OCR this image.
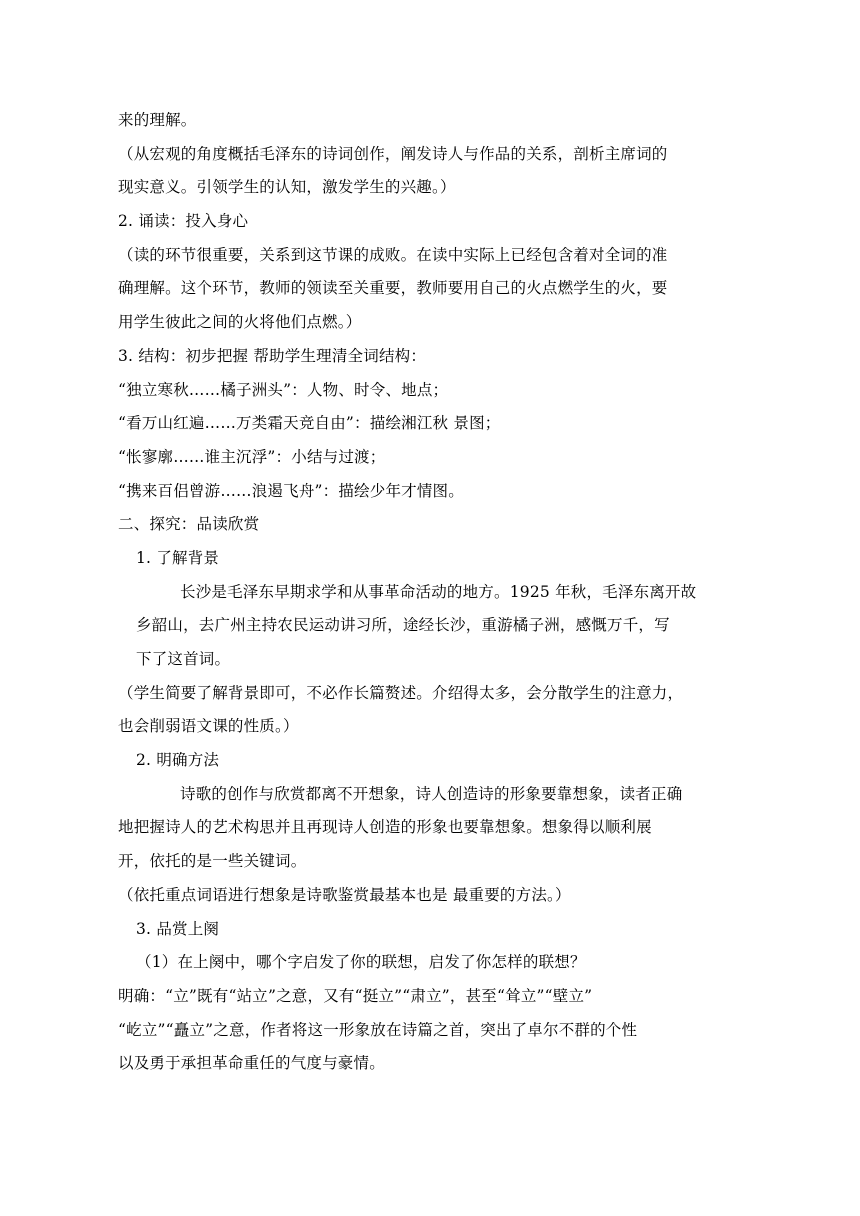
来的理解。
（从宏观的角度概括毛泽东的诗词创作，阐发诗人与作品的关系，剖析主席词的
现实意义。引领学生的认知，激发学生的兴趣。）
2. 诵读：投入身心
（读的环节很重要，关系到这节课的成败。在读中实际上已经包含着对全词的准
确理解。这个环节，教师的领读至关重要，教师要用自己的火点燃学生的火，要
用学生彼此之间的火将他们点燃。）
3. 结构：初步把握 帮助学生理清全词结构：
“独立寒秋……橘子洲头”：人物、时令、地点；
“看万山红遍……万类霜天竞自由”：描绘湘江秋 景图；
“怅寥廓……谁主沉浮”：小结与过渡；
“携来百侣曾游……浪遏飞舟”：描绘少年才情图。
二、探究：品读欣赏
1. 了解背景
长沙是毛泽东早期求学和从事革命活动的地方。1925 年秋，毛泽东离开故
乡韶山，去广州主持农民运动讲习所，途经长沙，重游橘子洲，感慨万千，写
下了这首词。
（学生简要了解背景即可，不必作长篇赘述。介绍得太多，会分散学生的注意力，
也会削弱语文课的性质。）
2. 明确方法
诗歌的创作与欣赏都离不开想象，诗人创造诗的形象要靠想象，读者正确
地把握诗人的艺术构思并且再现诗人创造的形象也要靠想象。想象得以顺利展
开，依托的是一些关键词。
（依托重点词语进行想象是诗歌鉴赏最基本也是 最重要的方法。）
3. 品赏上阕
（1）在上阕中，哪个字启发了你的联想，启发了你怎样的联想？
明确：“立”既有“站立”之意，又有“挺立”“肃立”，甚至“耸立”“壁立”
“屹立”“矗立”之意，作者将这一形象放在诗篇之首，突出了卓尔不群的个性
以及勇于承担革命重任的气度与豪情。
